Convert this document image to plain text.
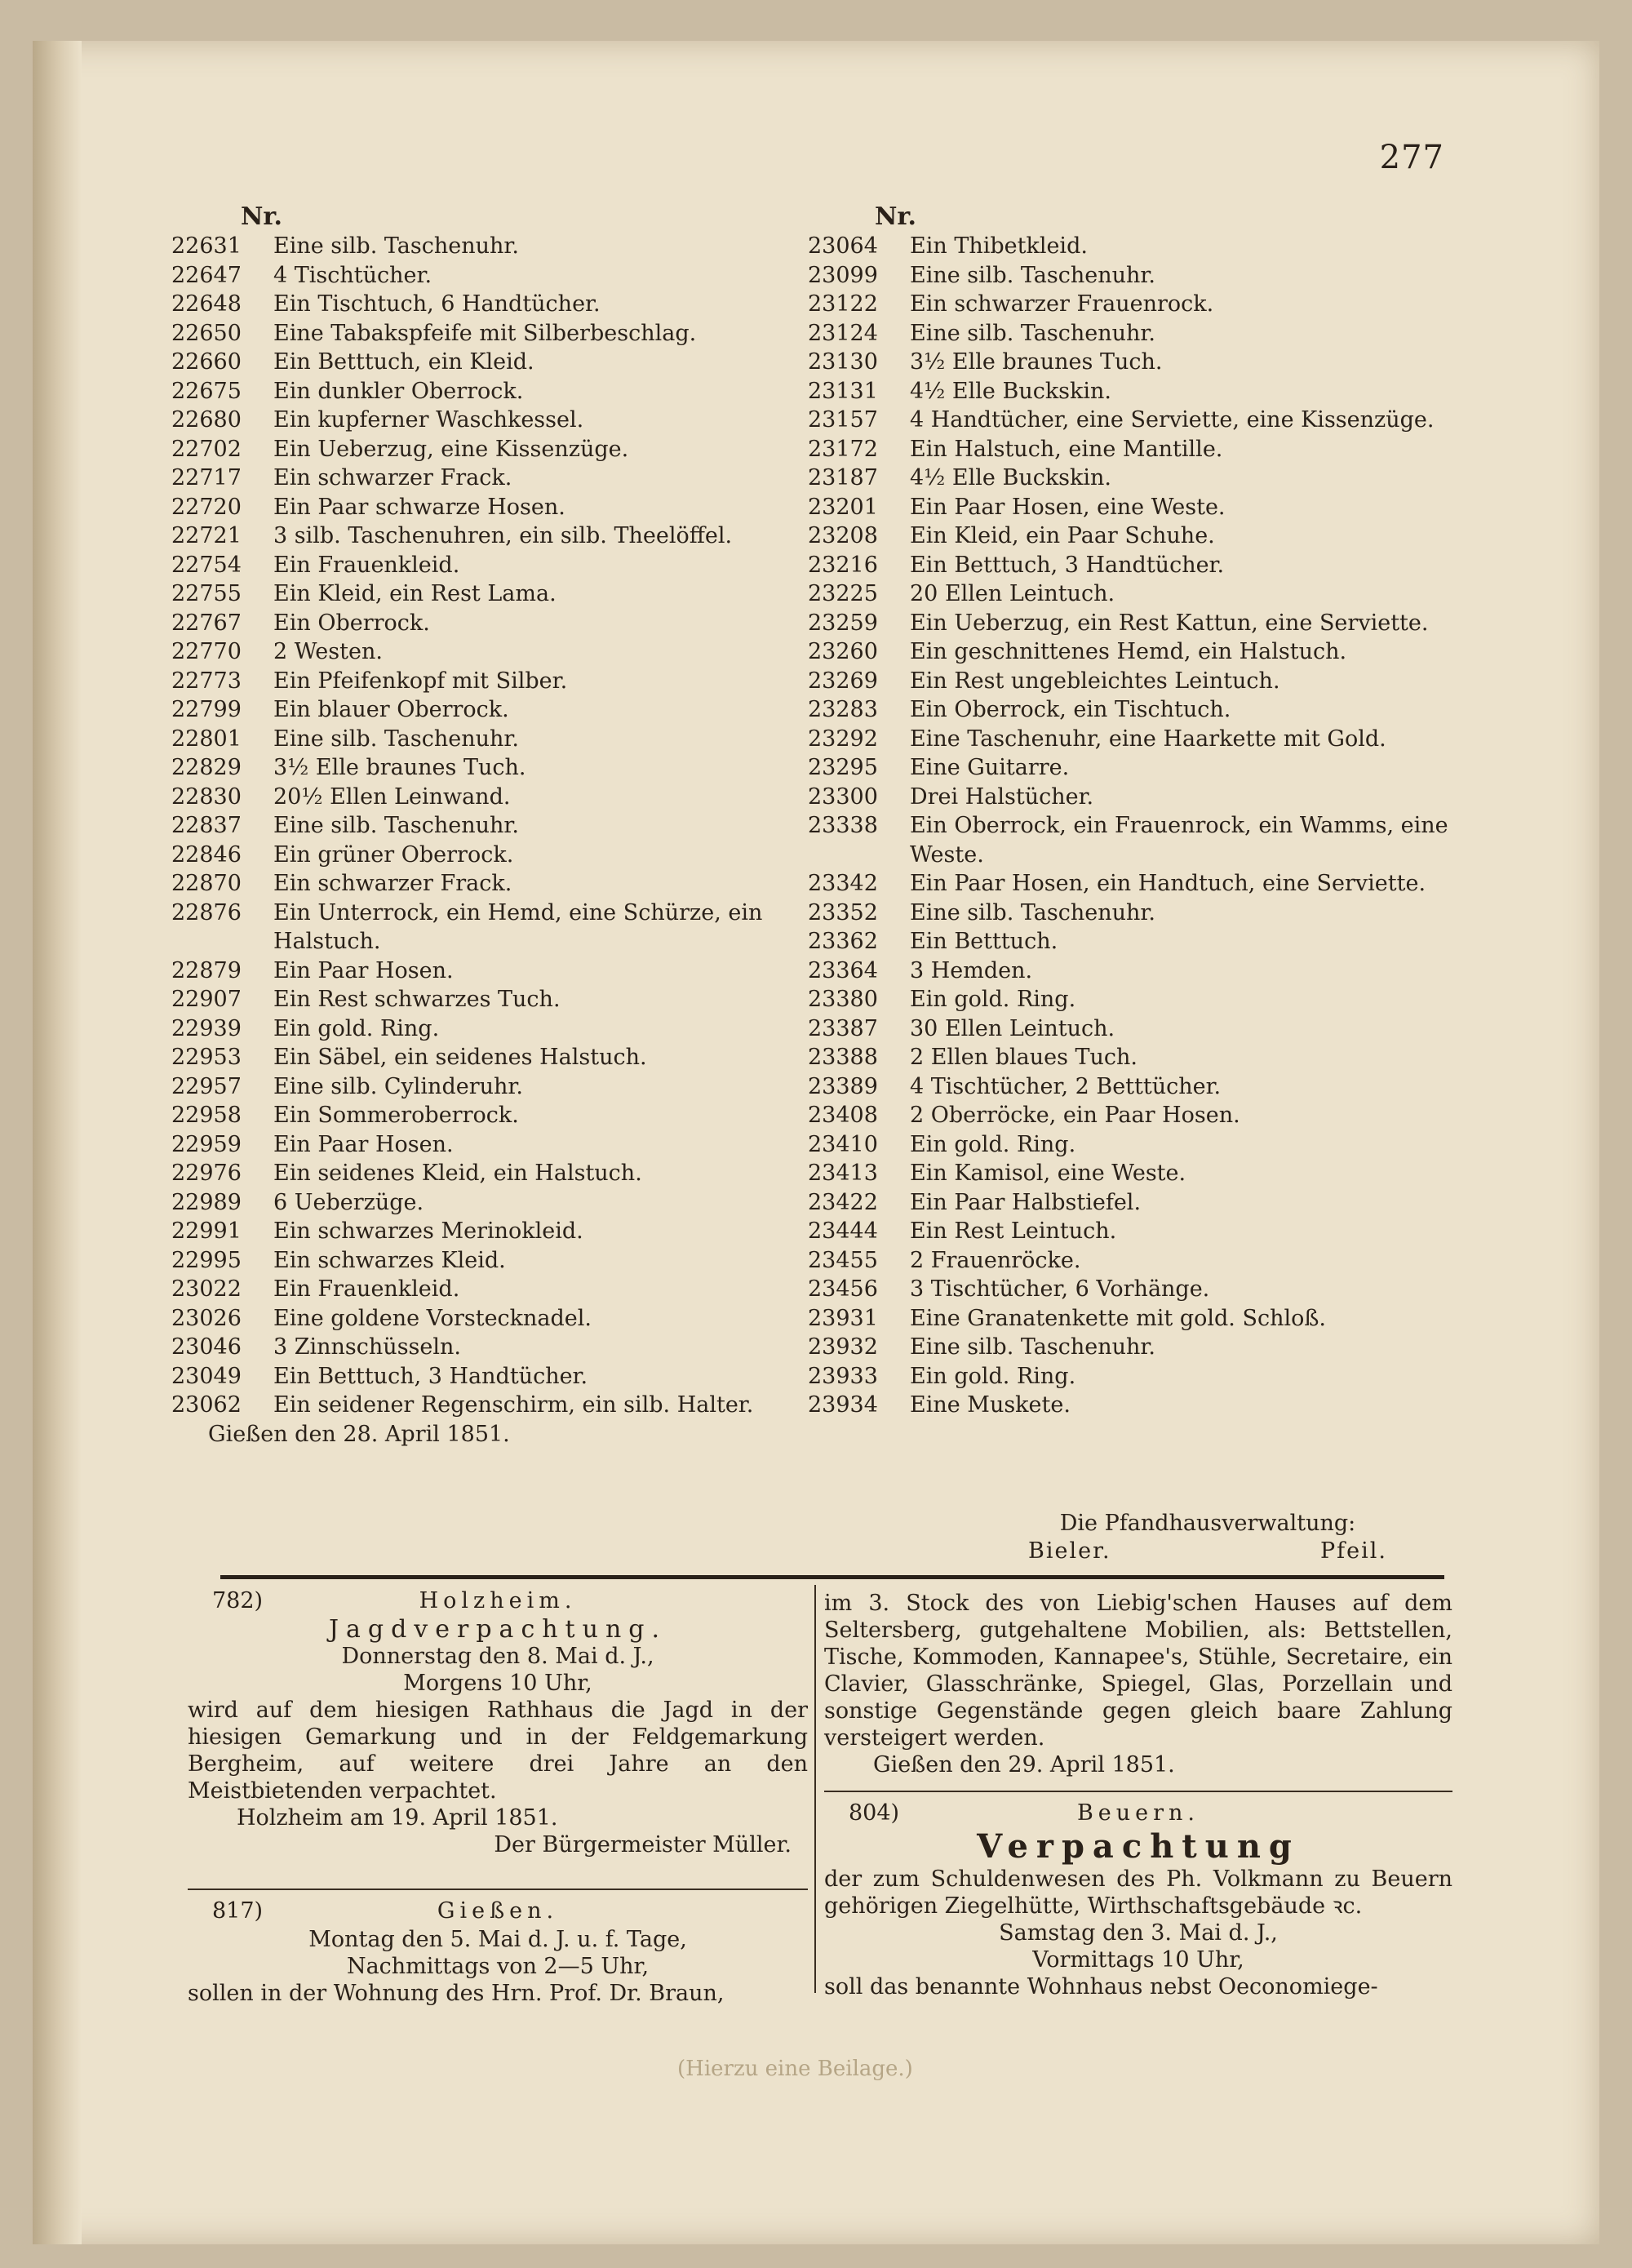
277
Nr.
22631	Eine silb. Taschenuhr.
22647	4 Tischtücher.
22648	Ein Tischtuch, 6 Handtücher.
22650	Eine Tabakspfeife mit Silberbeschlag.
22660	Ein Betttuch, ein Kleid.
22675	Ein dunkler Oberrock.
22680	Ein kupferner Waschkessel.
22702	Ein Ueberzug, eine Kissenzüge.
22717	Ein schwarzer Frack.
22720	Ein Paar schwarze Hosen.
22721	3 silb. Taschenuhren, ein silb. Theelöffel.
22754	Ein Frauenkleid.
22755	Ein Kleid, ein Rest Lama.
22767	Ein Oberrock.
22770	2 Westen.
22773	Ein Pfeifenkopf mit Silber.
22799	Ein blauer Oberrock.
22801	Eine silb. Taschenuhr.
22829	3½ Elle braunes Tuch.
22830	20½ Ellen Leinwand.
22837	Eine silb. Taschenuhr.
22846	Ein grüner Oberrock.
22870	Ein schwarzer Frack.
22876	Ein Unterrock, ein Hemd, eine Schürze, ein Halstuch.
22879	Ein Paar Hosen.
22907	Ein Rest schwarzes Tuch.
22939	Ein gold. Ring.
22953	Ein Säbel, ein seidenes Halstuch.
22957	Eine silb. Cylinderuhr.
22958	Ein Sommeroberrock.
22959	Ein Paar Hosen.
22976	Ein seidenes Kleid, ein Halstuch.
22989	6 Ueberzüge.
22991	Ein schwarzes Merinokleid.
22995	Ein schwarzes Kleid.
23022	Ein Frauenkleid.
23026	Eine goldene Vorstecknadel.
23046	3 Zinnschüsseln.
23049	Ein Betttuch, 3 Handtücher.
23062	Ein seidener Regenschirm, ein silb. Halter.
Gießen den 28. April 1851.
Nr.
23064	Ein Thibetkleid.
23099	Eine silb. Taschenuhr.
23122	Ein schwarzer Frauenrock.
23124	Eine silb. Taschenuhr.
23130	3½ Elle braunes Tuch.
23131	4½ Elle Buckskin.
23157	4 Handtücher, eine Serviette, eine Kissenzüge.
23172	Ein Halstuch, eine Mantille.
23187	4½ Elle Buckskin.
23201	Ein Paar Hosen, eine Weste.
23208	Ein Kleid, ein Paar Schuhe.
23216	Ein Betttuch, 3 Handtücher.
23225	20 Ellen Leintuch.
23259	Ein Ueberzug, ein Rest Kattun, eine Serviette.
23260	Ein geschnittenes Hemd, ein Halstuch.
23269	Ein Rest ungebleichtes Leintuch.
23283	Ein Oberrock, ein Tischtuch.
23292	Eine Taschenuhr, eine Haarkette mit Gold.
23295	Eine Guitarre.
23300	Drei Halstücher.
23338	Ein Oberrock, ein Frauenrock, ein Wamms, eine Weste.
23342	Ein Paar Hosen, ein Handtuch, eine Serviette.
23352	Eine silb. Taschenuhr.
23362	Ein Betttuch.
23364	3 Hemden.
23380	Ein gold. Ring.
23387	30 Ellen Leintuch.
23388	2 Ellen blaues Tuch.
23389	4 Tischtücher, 2 Betttücher.
23408	2 Oberröcke, ein Paar Hosen.
23410	Ein gold. Ring.
23413	Ein Kamisol, eine Weste.
23422	Ein Paar Halbstiefel.
23444	Ein Rest Leintuch.
23455	2 Frauenröcke.
23456	3 Tischtücher, 6 Vorhänge.
23931	Eine Granatenkette mit gold. Schloß.
23932	Eine silb. Taschenuhr.
23933	Ein gold. Ring.
23934	Eine Muskete.
Die Pfandhausverwaltung:
Bieler.	Pfeil.
782)	Holzheim.

Jagdverpachtung.

Donnerstag den 8. Mai d. J.,

Morgens 10 Uhr,

wird auf dem hiesigen Rathhaus die Jagd in der hiesigen Gemarkung und in der Feldgemarkung Bergheim, auf weitere drei Jahre an den Meistbietenden verpachtet.

Holzheim am 19. April 1851.

Der Bürgermeister Müller.

817)	Gießen.

Montag den 5. Mai d. J. u. f. Tage,

Nachmittags von 2—5 Uhr,

sollen in der Wohnung des Hrn. Prof. Dr. Braun,

im 3. Stock des von Liebig'schen Hauses auf dem Seltersberg, gutgehaltene Mobilien, als: Bettstellen, Tische, Kommoden, Kannapee's, Stühle, Secretaire, ein Clavier, Glasschränke, Spiegel, Glas, Porzellain und sonstige Gegenstände gegen gleich baare Zahlung versteigert werden.

Gießen den 29. April 1851.

804)	Beuern.

Verpachtung

der zum Schuldenwesen des Ph. Volkmann zu Beuern gehörigen Ziegelhütte, Wirthschaftsgebäude ꝛc.

Samstag den 3. Mai d. J.,

Vormittags 10 Uhr,

soll das benannte Wohnhaus nebst Oeconomiege-

(Hierzu eine Beilage.)
